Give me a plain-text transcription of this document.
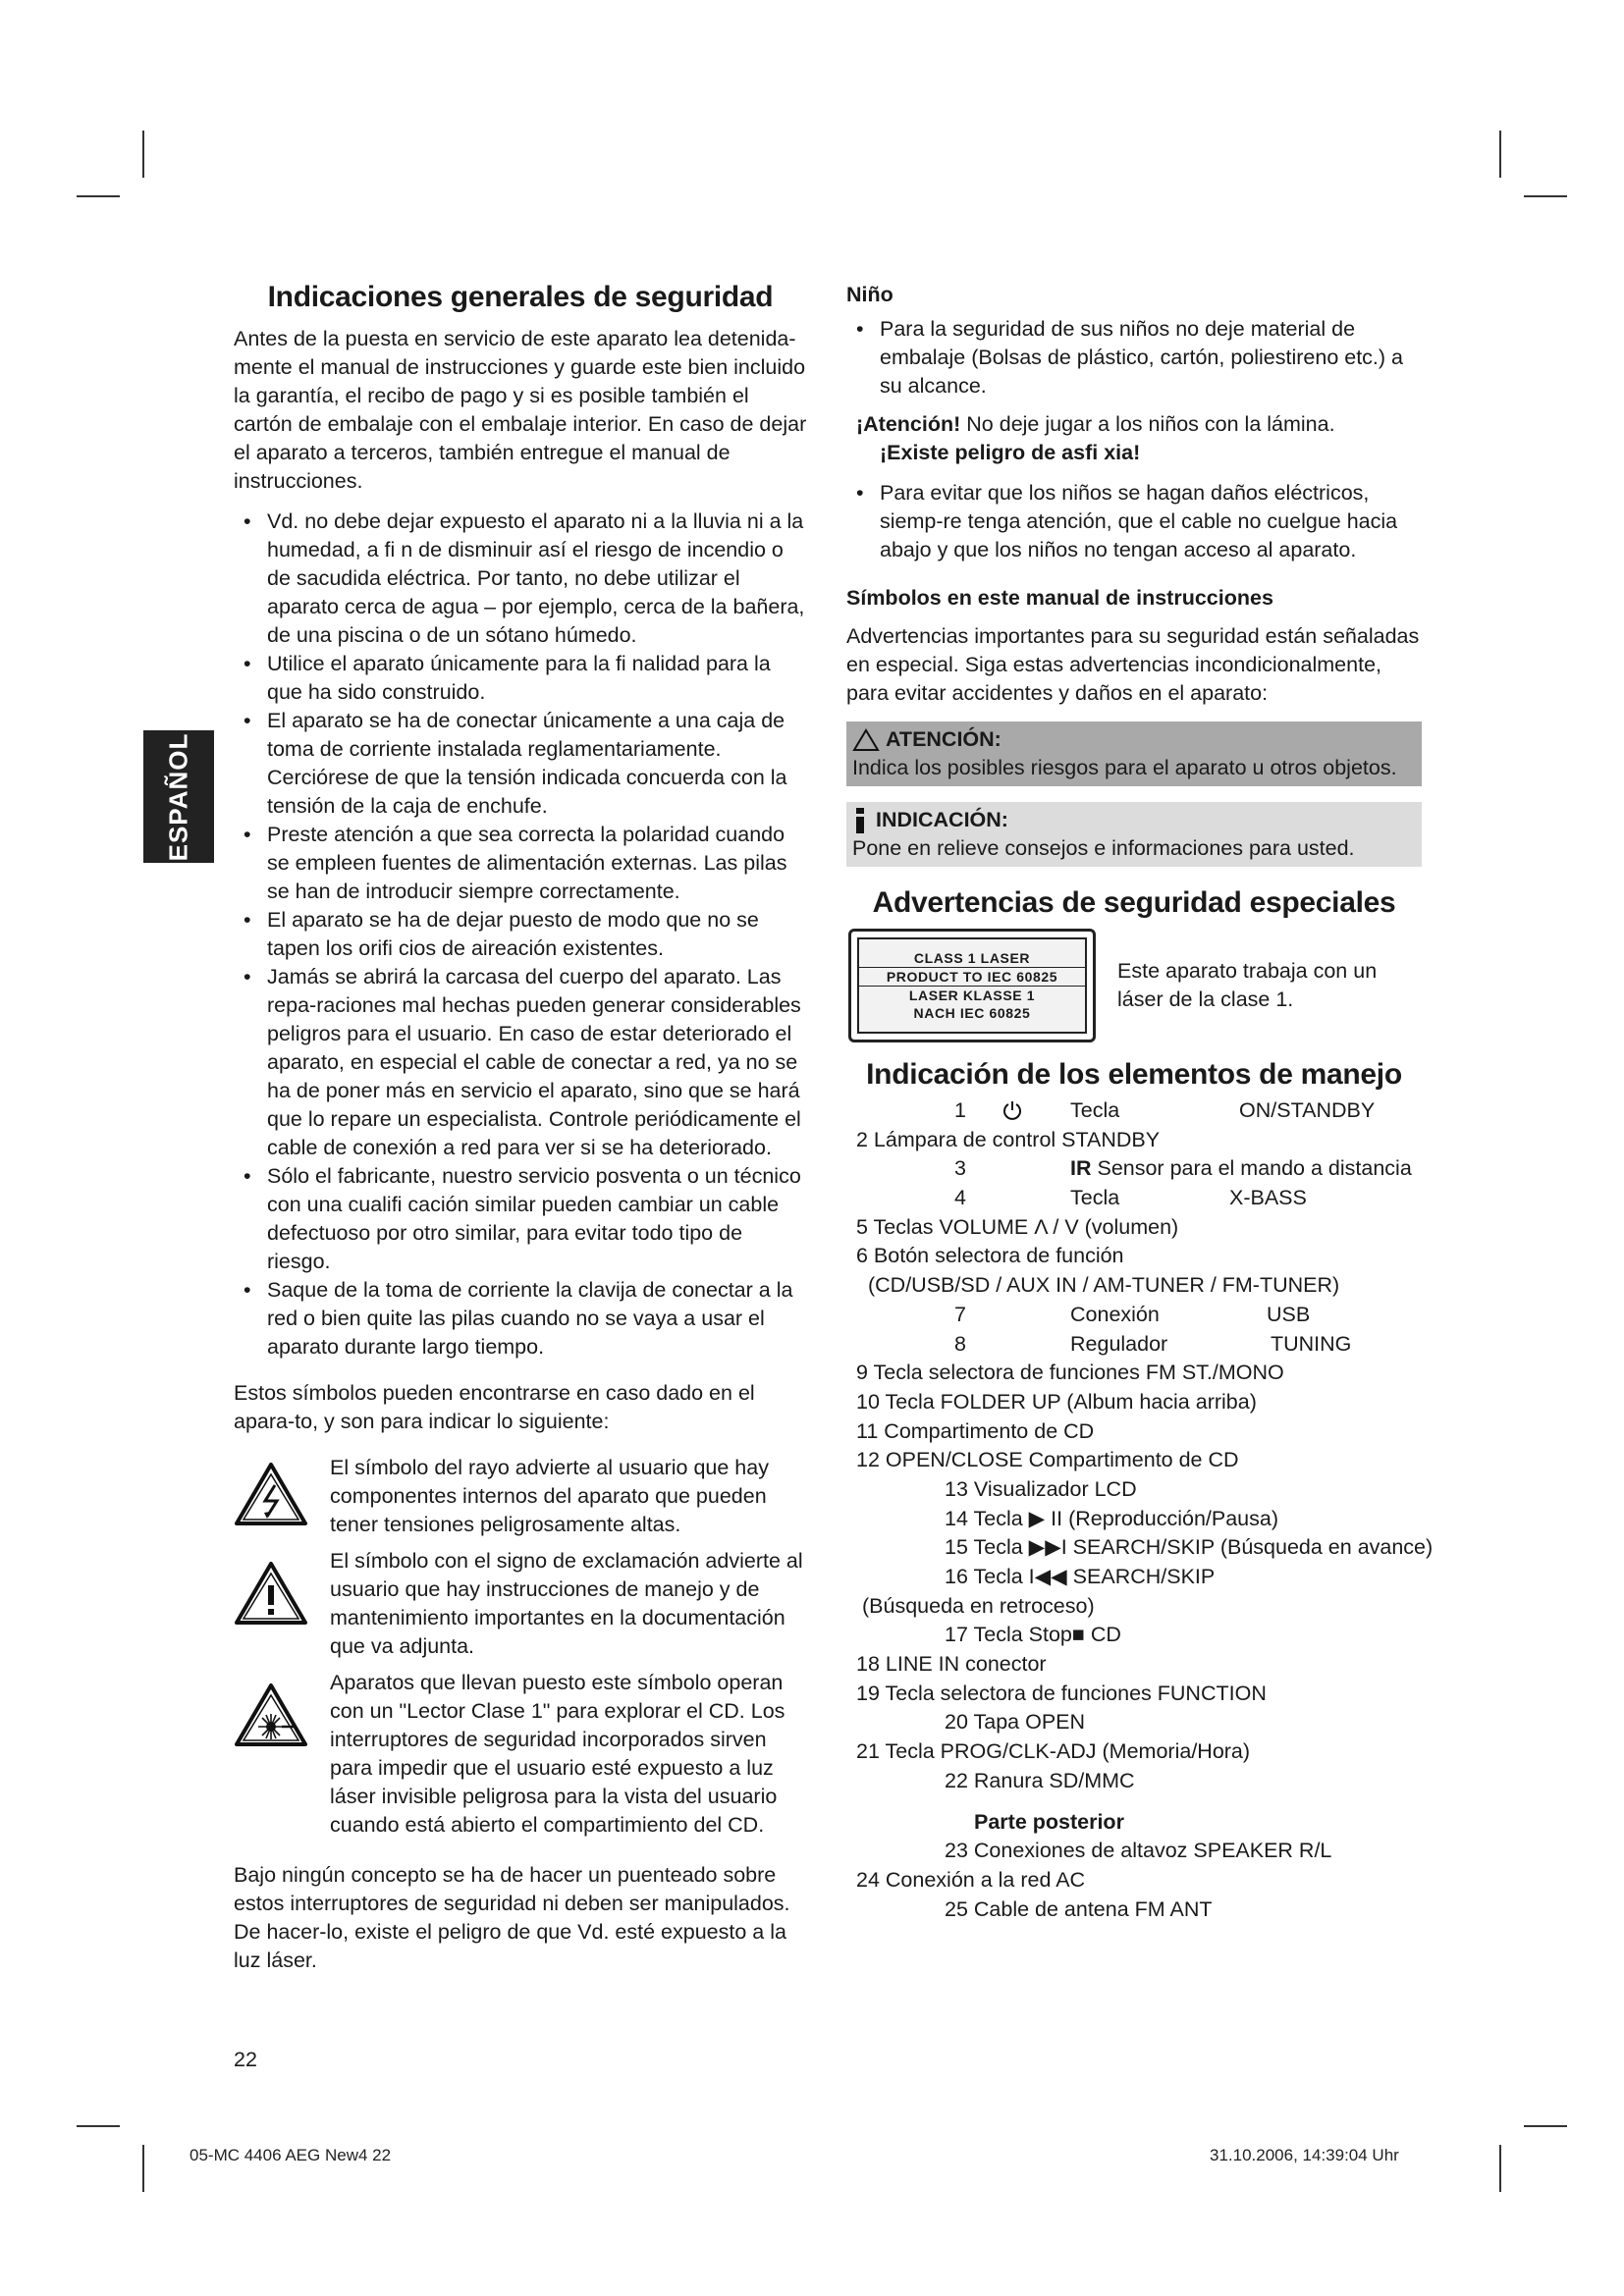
ESPAÑOL
Indicaciones generales de seguridad

Antes de la puesta en servicio de este aparato lea detenida-mente el manual de instrucciones y guarde este bien incluido la garantía, el recibo de pago y si es posible también el cartón de embalaje con el embalaje interior. En caso de dejar el aparato a terceros, también entregue el manual de instrucciones.

• Vd. no debe dejar expuesto el aparato ni a la lluvia ni a la humedad, a fi n de disminuir así el riesgo de incendio o de sacudida eléctrica. Por tanto, no debe utilizar el aparato cerca de agua – por ejemplo, cerca de la bañera, de una piscina o de un sótano húmedo.
• Utilice el aparato únicamente para la fi nalidad para la que ha sido construido.
• El aparato se ha de conectar únicamente a una caja de toma de corriente instalada reglamentariamente. Cerciórese de que la tensión indicada concuerda con la tensión de la caja de enchufe.
• Preste atención a que sea correcta la polaridad cuando se empleen fuentes de alimentación externas. Las pilas se han de introducir siempre correctamente.
• El aparato se ha de dejar puesto de modo que no se tapen los orifi cios de aireación existentes.
• Jamás se abrirá la carcasa del cuerpo del aparato. Las repa-raciones mal hechas pueden generar considerables peligros para el usuario. En caso de estar deteriorado el aparato, en especial el cable de conectar a red, ya no se ha de poner más en servicio el aparato, sino que se hará que lo repare un especialista. Controle periódicamente el cable de conexión a red para ver si se ha deteriorado.
• Sólo el fabricante, nuestro servicio posventa o un técnico con una cualifi cación similar pueden cambiar un cable defectuoso por otro similar, para evitar todo tipo de riesgo.
• Saque de la toma de corriente la clavija de conectar a la red o bien quite las pilas cuando no se vaya a usar el aparato durante largo tiempo.

Estos símbolos pueden encontrarse en caso dado en el apara-to, y son para indicar lo siguiente:

El símbolo del rayo advierte al usuario que hay componentes internos del aparato que pueden tener tensiones peligrosamente altas.

El símbolo con el signo de exclamación advierte al usuario que hay instrucciones de manejo y de mantenimiento importantes en la documentación que va adjunta.

Aparatos que llevan puesto este símbolo operan con un "Lector Clase 1" para explorar el CD. Los interruptores de seguridad incorporados sirven para impedir que el usuario esté expuesto a luz láser invisible peligrosa para la vista del usuario cuando está abierto el compartimiento del CD.

Bajo ningún concepto se ha de hacer un puenteado sobre estos interruptores de seguridad ni deben ser manipulados. De hacer-lo, existe el peligro de que Vd. esté expuesto a la luz láser.

Niño
• Para la seguridad de sus niños no deje material de embalaje (Bolsas de plástico, cartón, poliestireno etc.) a su alcance.
¡Atención! No deje jugar a los niños con la lámina.
¡Existe peligro de asfi xia!
• Para evitar que los niños se hagan daños eléctricos, siemp-re tenga atención, que el cable no cuelgue hacia abajo y que los niños no tengan acceso al aparato.
Símbolos en este manual de instrucciones

Advertencias importantes para su seguridad están señaladas en especial. Siga estas advertencias incondicionalmente, para evitar accidentes y daños en el aparato:

ATENCIÓN:
Indica los posibles riesgos para el aparato u otros objetos.
INDICACIÓN:
Pone en relieve consejos e informaciones para usted.
Advertencias de seguridad especiales
CLASS 1 LASER
PRODUCT TO IEC 60825
LASER KLASSE 1
NACH IEC 60825

Este aparato trabaja con un láser de la clase 1.

Indicación de los elementos de manejo
1	Tecla	ON/STANDBY
2 Lámpara de control STANDBY
3	IR Sensor para el mando a distancia
4	Tecla	X-BASS
5 Teclas VOLUME Λ / V (volumen)
6 Botón selectora de función
(CD/USB/SD / AUX IN / AM-TUNER / FM-TUNER)
7	Conexión	USB
8	Regulador	TUNING
9 Tecla selectora de funciones FM ST./MONO
10 Tecla FOLDER UP (Album hacia arriba)
11 Compartimento de CD
12 OPEN/CLOSE Compartimento de CD
13 Visualizador LCD
14 Tecla ▶ II (Reproducción/Pausa)
15 Tecla ▶▶I SEARCH/SKIP (Búsqueda en avance)
16 Tecla I◀◀ SEARCH/SKIP
(Búsqueda en retroceso)
17 Tecla Stop■ CD
18 LINE IN conector
19 Tecla selectora de funciones FUNCTION
20 Tapa OPEN
21 Tecla PROG/CLK-ADJ (Memoria/Hora)
22 Ranura SD/MMC
Parte posterior
23 Conexiones de altavoz SPEAKER R/L
24 Conexión a la red AC
25 Cable de antena FM ANT
22
05-MC 4406 AEG New4 22	31.10.2006, 14:39:04 Uhr
